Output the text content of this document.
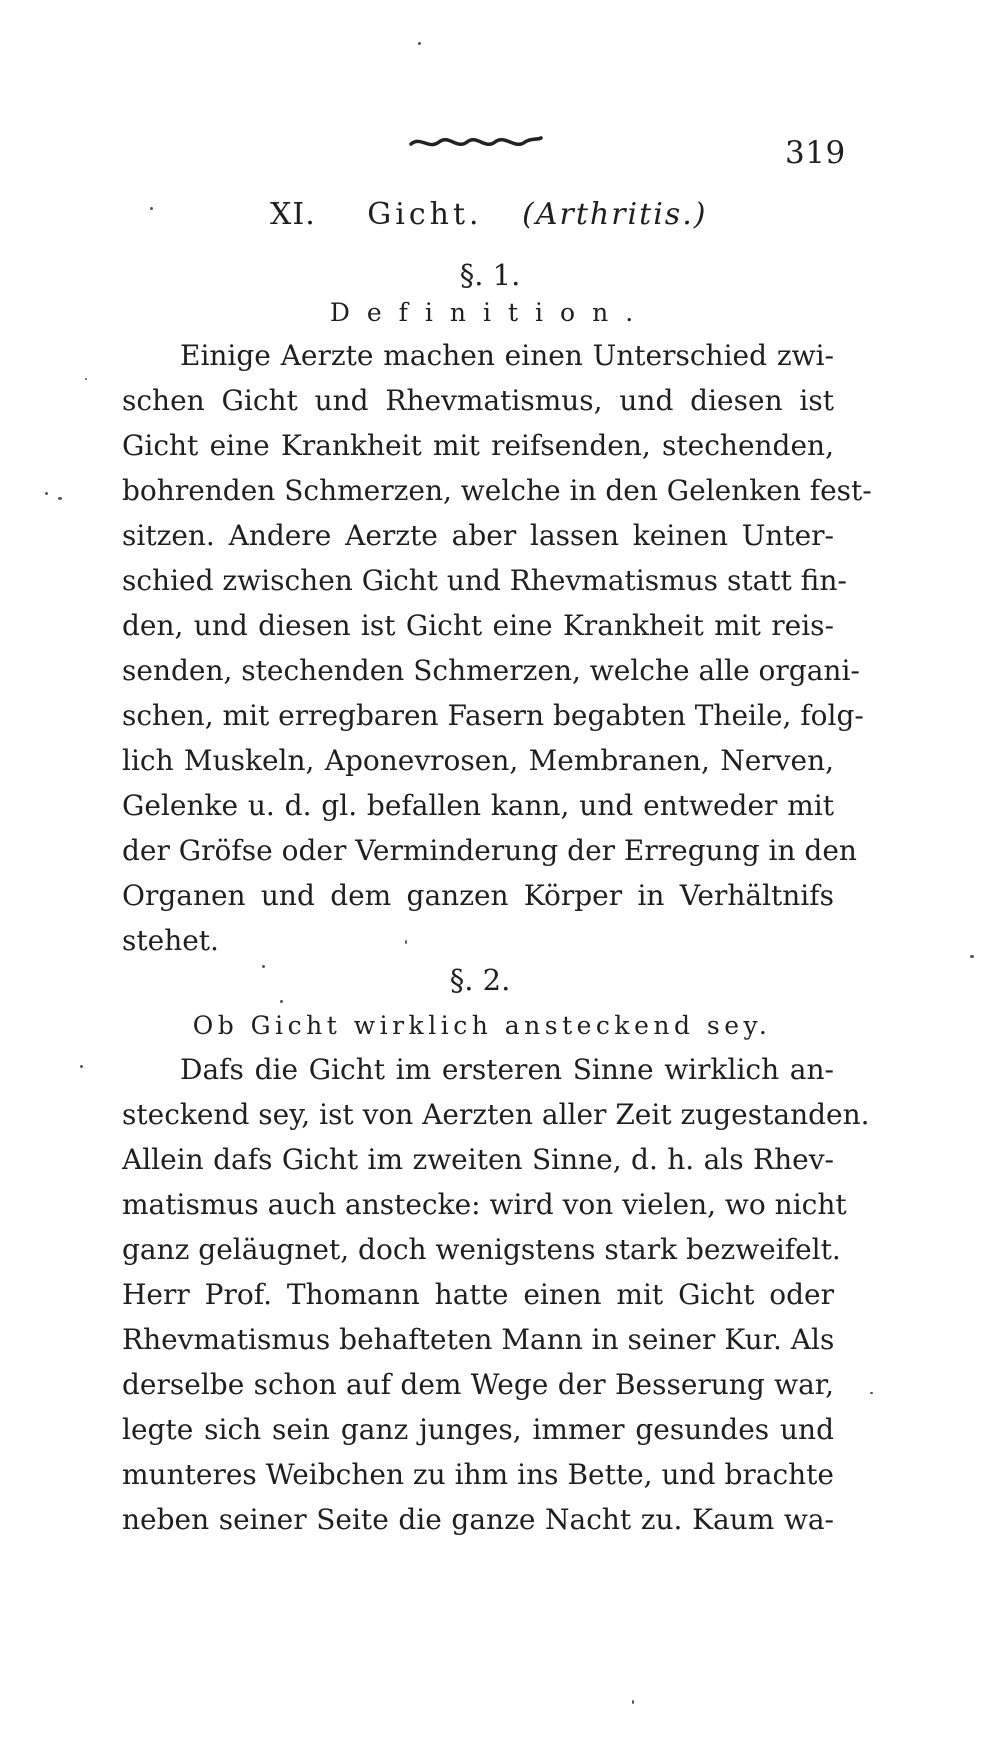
319
XI. Gicht. (Arthritis.)
§. 1.
Definition.
Einige Aerzte machen einen Unterschied zwi-
schen Gicht und Rhevmatismus, und diesen ist
Gicht eine Krankheit mit reifsenden, stechenden,
bohrenden Schmerzen, welche in den Gelenken fest-
sitzen. Andere Aerzte aber lassen keinen Unter-
schied zwischen Gicht und Rhevmatismus statt fin-
den, und diesen ist Gicht eine Krankheit mit reis-
senden, stechenden Schmerzen, welche alle organi-
schen, mit erregbaren Fasern begabten Theile, folg-
lich Muskeln, Aponevrosen, Membranen, Nerven,
Gelenke u. d. gl. befallen kann, und entweder mit
der Gröfse oder Verminderung der Erregung in den
Organen und dem ganzen Körper in Verhältnifs
stehet.
§. 2.
Ob Gicht wirklich ansteckend sey.
Dafs die Gicht im ersteren Sinne wirklich an-
steckend sey, ist von Aerzten aller Zeit zugestanden.
Allein dafs Gicht im zweiten Sinne, d. h. als Rhev-
matismus auch anstecke: wird von vielen, wo nicht
ganz geläugnet, doch wenigstens stark bezweifelt.
Herr Prof. Thomann hatte einen mit Gicht oder
Rhevmatismus behafteten Mann in seiner Kur. Als
derselbe schon auf dem Wege der Besserung war,
legte sich sein ganz junges, immer gesundes und
munteres Weibchen zu ihm ins Bette, und brachte
neben seiner Seite die ganze Nacht zu. Kaum wa-
